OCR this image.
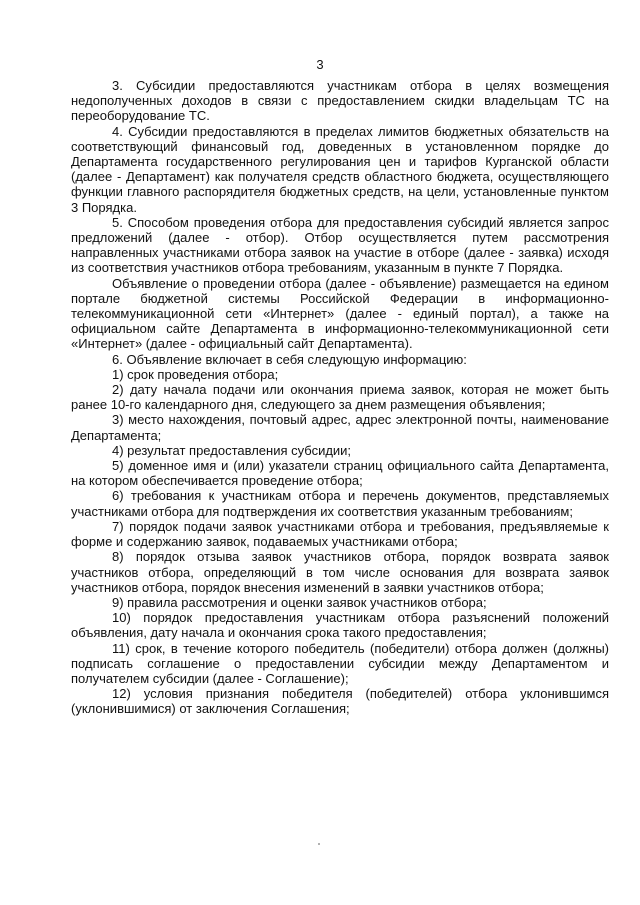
3

3. Субсидии предоставляются участникам отбора в целях возмещения недополученных доходов в связи с предоставлением скидки владельцам ТС на переоборудование ТС.

4. Субсидии предоставляются в пределах лимитов бюджетных обязательств на соответствующий финансовый год, доведенных в установленном порядке до Департамента государственного регулирования цен и тарифов Курганской области (далее - Департамент) как получателя средств областного бюджета, осуществляющего функции главного распорядителя бюджетных средств, на цели, установленные пунктом 3 Порядка.

5. Способом проведения отбора для предоставления субсидий является запрос предложений (далее - отбор). Отбор осуществляется путем рассмотрения направленных участниками отбора заявок на участие в отборе (далее - заявка) исходя из соответствия участников отбора требованиям, указанным в пункте 7 Порядка.

Объявление о проведении отбора (далее - объявление) размещается на едином портале бюджетной системы Российской Федерации в информационно-телекоммуникационной сети «Интернет» (далее - единый портал), а также на официальном сайте Департамента в информационно-телекоммуникационной сети «Интернет» (далее - официальный сайт Департамента).

6. Объявление включает в себя следующую информацию:

1) срок проведения отбора;

2) дату начала подачи или окончания приема заявок, которая не может быть ранее 10-го календарного дня, следующего за днем размещения объявления;

3) место нахождения, почтовый адрес, адрес электронной почты, наименование Департамента;

4) результат предоставления субсидии;

5) доменное имя и (или) указатели страниц официального сайта Департамента, на котором обеспечивается проведение отбора;

6) требования к участникам отбора и перечень документов, представляемых участниками отбора для подтверждения их соответствия указанным требованиям;

7) порядок подачи заявок участниками отбора и требования, предъявляемые к форме и содержанию заявок, подаваемых участниками отбора;

8) порядок отзыва заявок участников отбора, порядок возврата заявок участников отбора, определяющий в том числе основания для возврата заявок участников отбора, порядок внесения изменений в заявки участников отбора;

9) правила рассмотрения и оценки заявок участников отбора;

10) порядок предоставления участникам отбора разъяснений положений объявления, дату начала и окончания срока такого предоставления;

11) срок, в течение которого победитель (победители) отбора должен (должны) подписать соглашение о предоставлении субсидии между Департаментом и получателем субсидии (далее - Соглашение);

12) условия признания победителя (победителей) отбора уклонившимся (уклонившимися) от заключения Соглашения;
